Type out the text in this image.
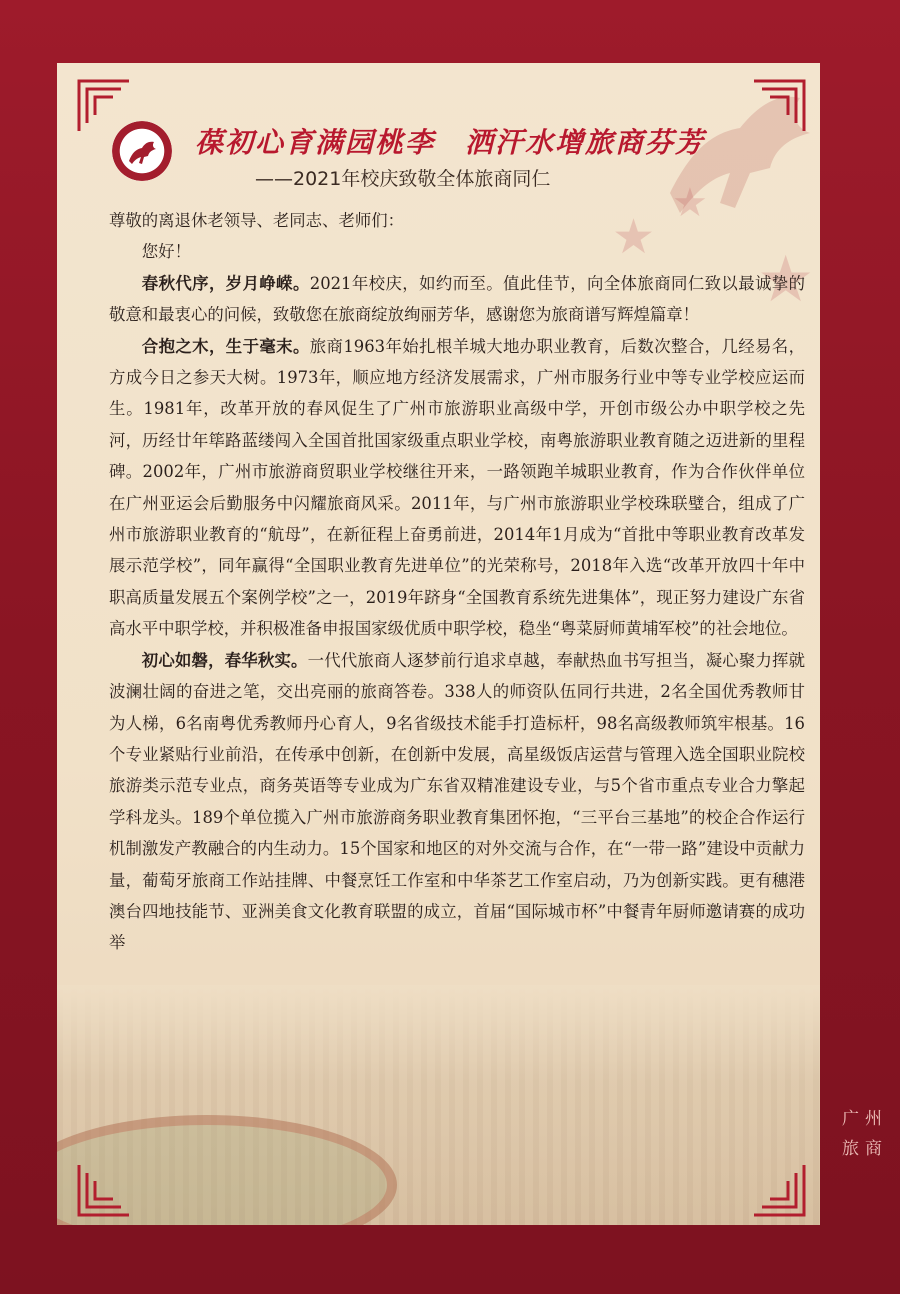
★
★
★
葆初心育满园桃李　洒汗水增旅商芬芳
——2021年校庆致敬全体旅商同仁

尊敬的离退休老领导、老同志、老师们：

您好！

春秋代序，岁月峥嵘。2021年校庆，如约而至。值此佳节，向全体旅商同仁致以最诚挚的敬意和最衷心的问候，致敬您在旅商绽放绚丽芳华，感谢您为旅商谱写辉煌篇章！

合抱之木，生于毫末。旅商1963年始扎根羊城大地办职业教育，后数次整合，几经易名，方成今日之参天大树。1973年，顺应地方经济发展需求，广州市服务行业中等专业学校应运而生。1981年，改革开放的春风促生了广州市旅游职业高级中学，开创市级公办中职学校之先河，历经廿年筚路蓝缕闯入全国首批国家级重点职业学校，南粤旅游职业教育随之迈进新的里程碑。2002年，广州市旅游商贸职业学校继往开来，一路领跑羊城职业教育，作为合作伙伴单位在广州亚运会后勤服务中闪耀旅商风采。2011年，与广州市旅游职业学校珠联璧合，组成了广州市旅游职业教育的“航母”，在新征程上奋勇前进，2014年1月成为“首批中等职业教育改革发展示范学校”，同年赢得“全国职业教育先进单位”的光荣称号，2018年入选“改革开放四十年中职高质量发展五个案例学校”之一，2019年跻身“全国教育系统先进集体”，现正努力建设广东省高水平中职学校，并积极准备申报国家级优质中职学校，稳坐“粤菜厨师黄埔军校”的社会地位。

初心如磐，春华秋实。一代代旅商人逐梦前行追求卓越，奉献热血书写担当，凝心聚力挥就波澜壮阔的奋进之笔，交出亮丽的旅商答卷。338人的师资队伍同行共进，2名全国优秀教师甘为人梯，6名南粤优秀教师丹心育人，9名省级技术能手打造标杆，98名高级教师筑牢根基。16个专业紧贴行业前沿，在传承中创新，在创新中发展，高星级饭店运营与管理入选全国职业院校旅游类示范专业点，商务英语等专业成为广东省双精准建设专业，与5个省市重点专业合力擎起学科龙头。189个单位揽入广州市旅游商务职业教育集团怀抱，“三平台三基地”的校企合作运行机制激发产教融合的内生动力。15个国家和地区的对外交流与合作，在“一带一路”建设中贡献力量，葡萄牙旅商工作站挂牌、中餐烹饪工作室和中华茶艺工作室启动，乃为创新实践。更有穗港澳台四地技能节、亚洲美食文化教育联盟的成立，首届“国际城市杯”中餐青年厨师邀请赛的成功举

广州
旅商
